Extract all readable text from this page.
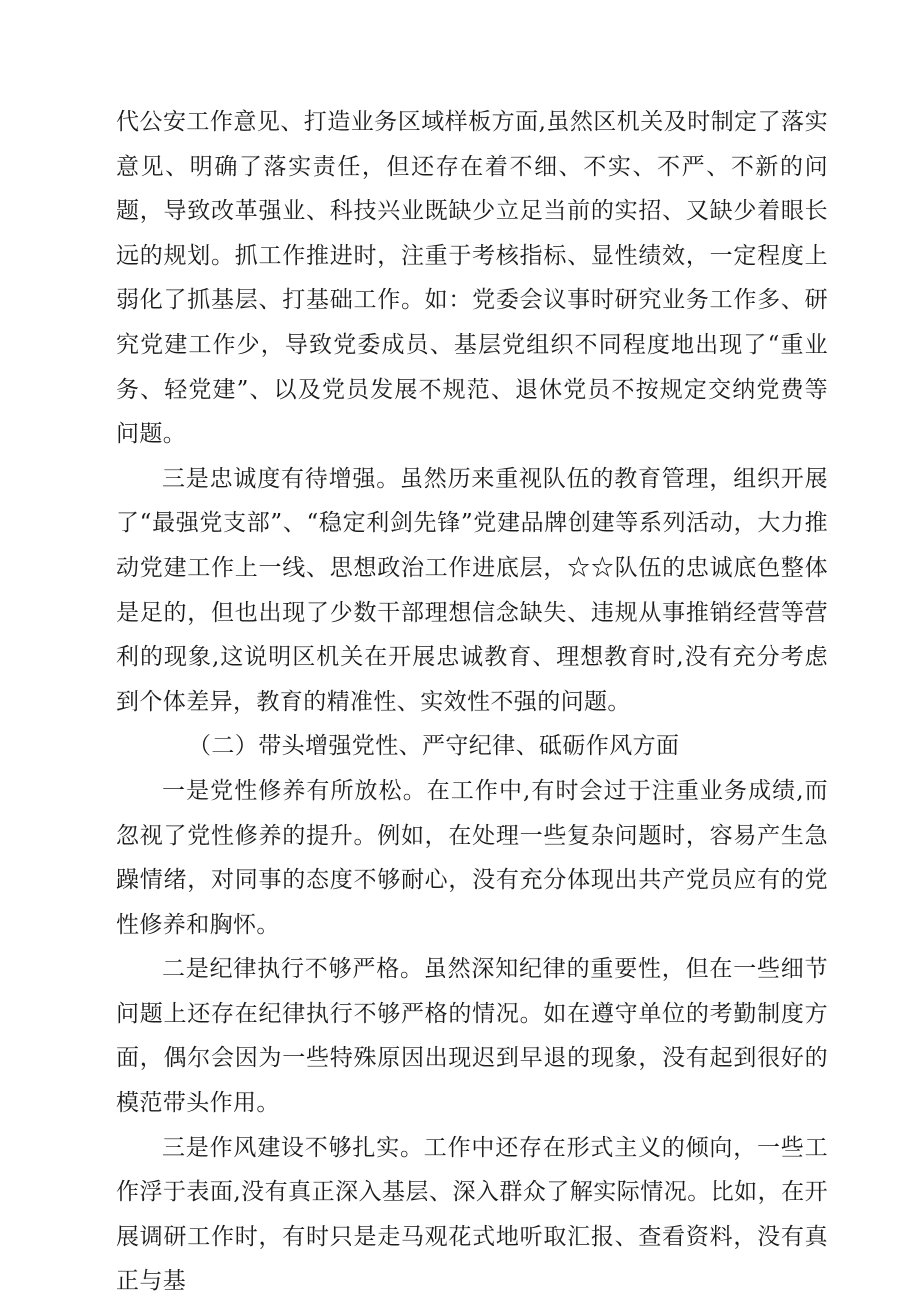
代公安工作意见、打造业务区域样板方面,虽然区机关及时制定了落实意见、明确了落实责任，但还存在着不细、不实、不严、不新的问题，导致改革强业、科技兴业既缺少立足当前的实招、又缺少着眼长远的规划。抓工作推进时，注重于考核指标、显性绩效，一定程度上弱化了抓基层、打基础工作。如：党委会议事时研究业务工作多、研究党建工作少，导致党委成员、基层党组织不同程度地出现了“重业务、轻党建”、以及党员发展不规范、退休党员不按规定交纳党费等问题。

三是忠诚度有待增强。虽然历来重视队伍的教育管理，组织开展了“最强党支部”、“稳定利剑先锋”党建品牌创建等系列活动，大力推动党建工作上一线、思想政治工作进底层，☆☆队伍的忠诚底色整体是足的，但也出现了少数干部理想信念缺失、违规从事推销经营等营利的现象,这说明区机关在开展忠诚教育、理想教育时,没有充分考虑到个体差异，教育的精准性、实效性不强的问题。

（二）带头增强党性、严守纪律、砥砺作风方面

一是党性修养有所放松。在工作中,有时会过于注重业务成绩,而忽视了党性修养的提升。例如，在处理一些复杂问题时，容易产生急躁情绪，对同事的态度不够耐心，没有充分体现出共产党员应有的党性修养和胸怀。

二是纪律执行不够严格。虽然深知纪律的重要性，但在一些细节问题上还存在纪律执行不够严格的情况。如在遵守单位的考勤制度方面，偶尔会因为一些特殊原因出现迟到早退的现象，没有起到很好的模范带头作用。

三是作风建设不够扎实。工作中还存在形式主义的倾向，一些工作浮于表面,没有真正深入基层、深入群众了解实际情况。比如，在开展调研工作时，有时只是走马观花式地听取汇报、查看资料，没有真正与基
